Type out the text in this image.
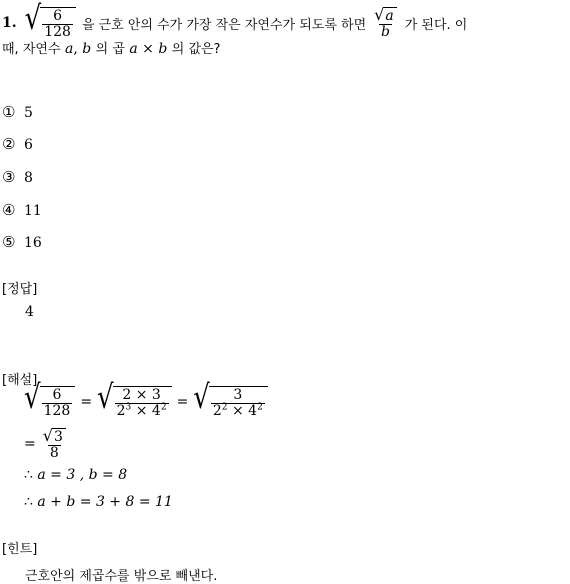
1. √ $\frac{6}{128}$ 을 근호 안의 수가 가장 작은 자연수가 되도록 하면 $\frac{√ a}{b}$ 가 된다. 이
때, 자연수 a, b 의 곱 a × b 의 값은?
① 5
② 6
③ 8
④ 11
⑤ 16
[정답]
4
[해설]
√ $\frac{6}{128}$ = √ $\frac{2 \times 3}{2^3 \times 4^2}$ = √ $\frac{3}{2^2 \times 4^2}$
= $\frac{√ 3}{8}$
∴ a = 3 , b = 8
∴ a + b = 3 + 8 = 11
[힌트]
근호안의 제곱수를 밖으로 빼낸다.
